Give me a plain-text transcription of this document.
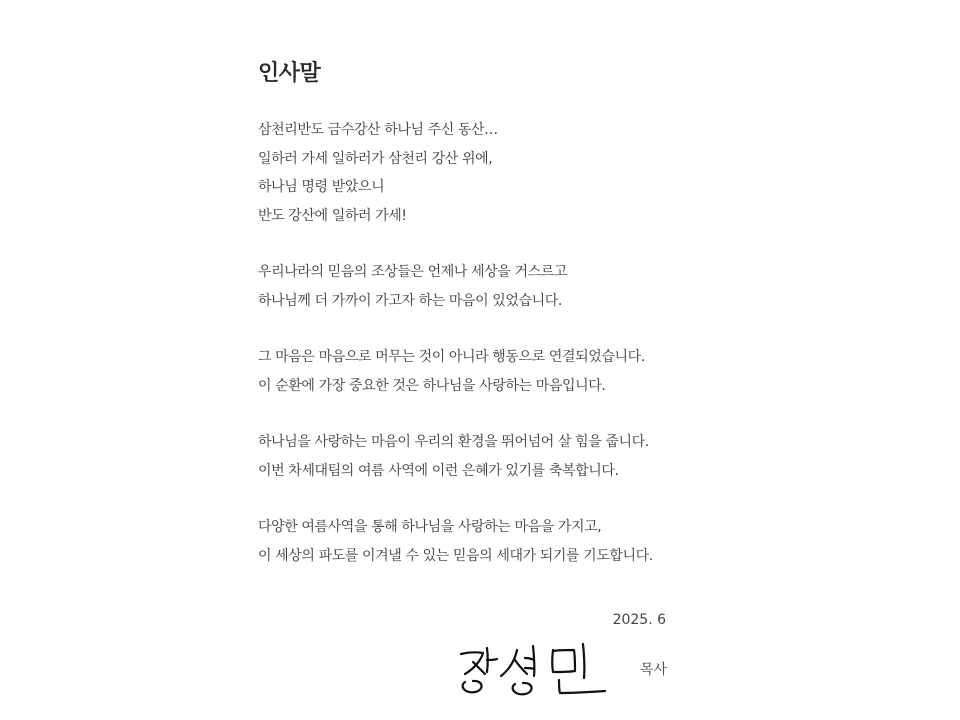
인사말

삼천리반도 금수강산 하나님 주신 동산…
일하러 가세 일하러가 삼천리 강산 위에,
하나님 명령 받았으니
반도 강산에 일하러 가세!

우리나라의 믿음의 조상들은 언제나 세상을 거스르고
하나님께 더 가까이 가고자 하는 마음이 있었습니다.

그 마음은 마음으로 머무는 것이 아니라 행동으로 연결되었습니다.
이 순환에 가장 중요한 것은 하나님을 사랑하는 마음입니다.

하나님을 사랑하는 마음이 우리의 환경을 뛰어넘어 살 힘을 줍니다.
이번 차세대팀의 여름 사역에 이런 은혜가 있기를 축복합니다.

다양한 여름사역을 통해 하나님을 사랑하는 마음을 가지고,
이 세상의 파도를 이겨낼 수 있는 믿음의 세대가 되기를 기도합니다.

2025. 6
목사
